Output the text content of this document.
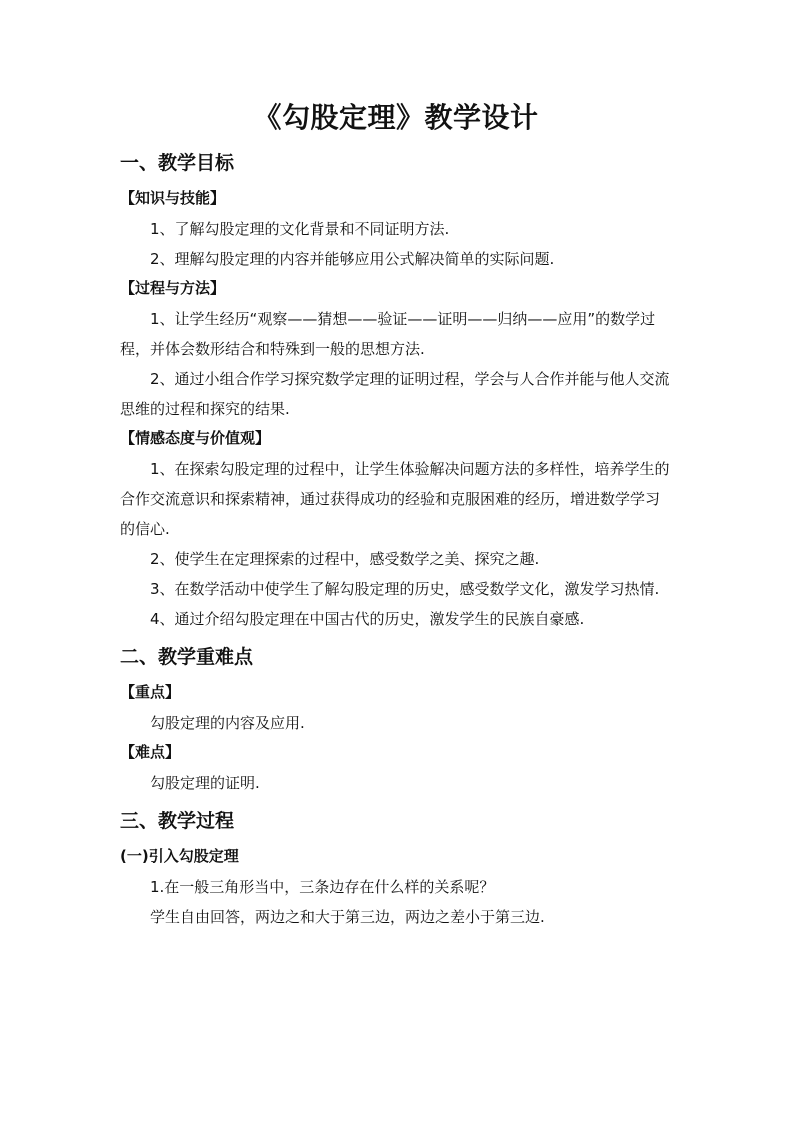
《勾股定理》教学设计
一、教学目标
【知识与技能】

1、了解勾股定理的文化背景和不同证明方法.

2、理解勾股定理的内容并能够应用公式解决简单的实际问题.

【过程与方法】

1、让学生经历“观察——猜想——验证——证明——归纳——应用”的数学过程，并体会数形结合和特殊到一般的思想方法.

2、通过小组合作学习探究数学定理的证明过程，学会与人合作并能与他人交流思维的过程和探究的结果.

【情感态度与价值观】

1、在探索勾股定理的过程中，让学生体验解决问题方法的多样性，培养学生的合作交流意识和探索精神，通过获得成功的经验和克服困难的经历，增进数学学习的信心.

2、使学生在定理探索的过程中，感受数学之美、探究之趣.

3、在数学活动中使学生了解勾股定理的历史，感受数学文化，激发学习热情.

4、通过介绍勾股定理在中国古代的历史，激发学生的民族自豪感.

二、教学重难点
【重点】

勾股定理的内容及应用.

【难点】

勾股定理的证明.

三、教学过程
(一)引入勾股定理

1.在一般三角形当中，三条边存在什么样的关系呢？

学生自由回答，两边之和大于第三边，两边之差小于第三边.
